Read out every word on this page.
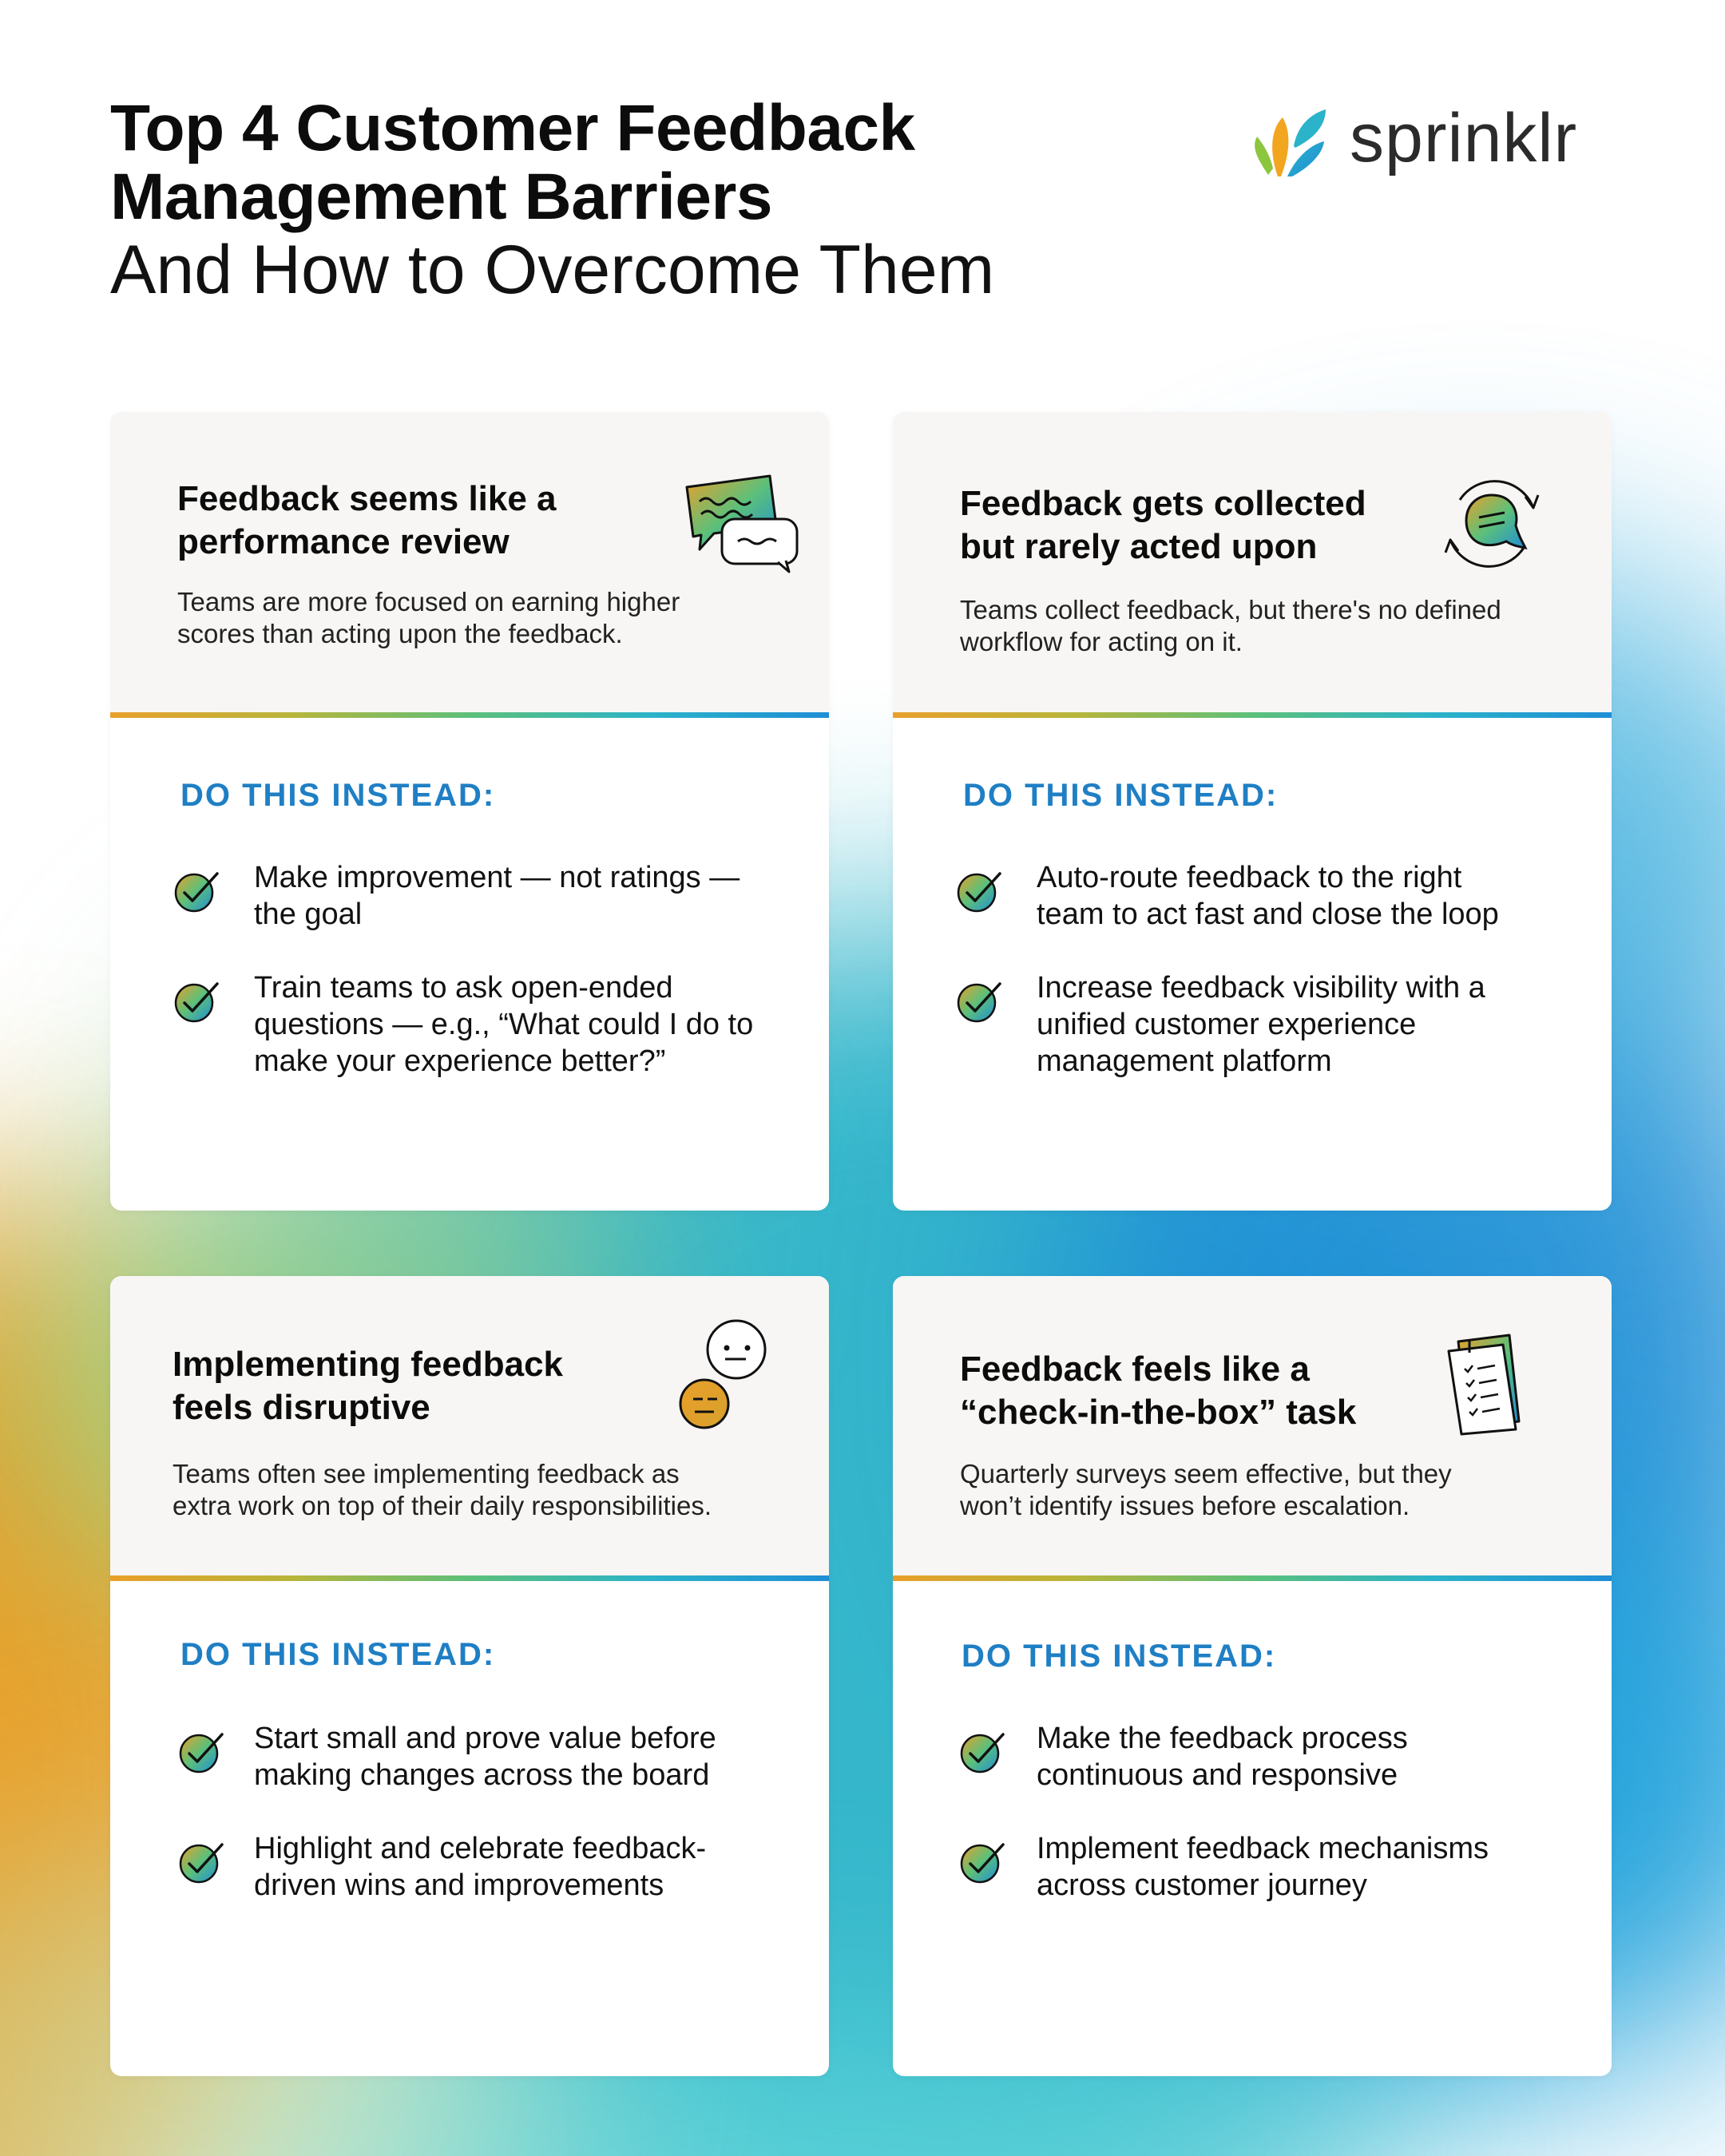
Top 4 Customer Feedback
Management Barriers
And How to Overcome Them
sprinklr
Feedback seems like a
performance review
Teams are more focused on earning higher
scores than acting upon the feedback.
DO THIS INSTEAD:
Make improvement — not ratings —
the goal
Train teams to ask open-ended
questions — e.g., “What could I do to
make your experience better?”
Feedback gets collected
but rarely acted upon
Teams collect feedback, but there's no defined
workflow for acting on it.
DO THIS INSTEAD:
Auto-route feedback to the right
team to act fast and close the loop
Increase feedback visibility with a
unified customer experience
management platform
Implementing feedback
feels disruptive
Teams often see implementing feedback as
extra work on top of their daily responsibilities.
DO THIS INSTEAD:
Start small and prove value before
making changes across the board
Highlight and celebrate feedback-
driven wins and improvements
Feedback feels like a
“check-in-the-box” task
Quarterly surveys seem effective, but they
won’t identify issues before escalation.
DO THIS INSTEAD:
Make the feedback process
continuous and responsive
Implement feedback mechanisms
across customer journey
